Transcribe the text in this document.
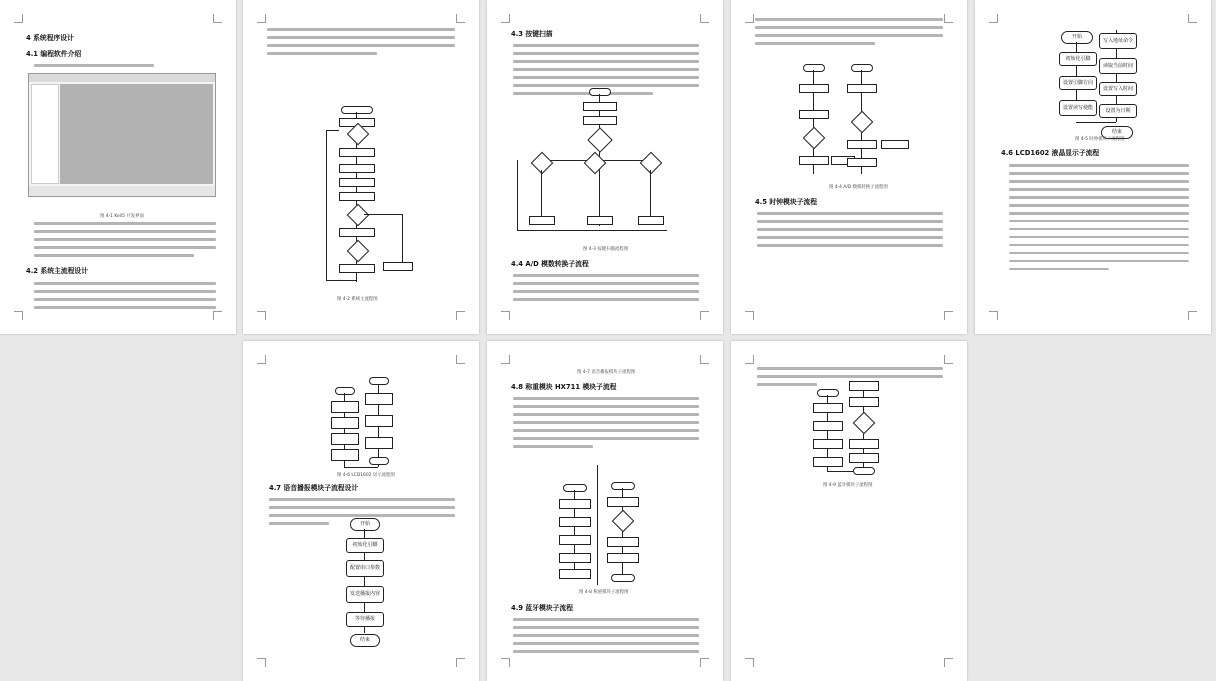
4 系统程序设计
4.1 编程软件介绍
图 4-1 Keil5 开发界面
4.2 系统主流程设计
图 4-2 系统主流程图
4.3 按键扫描
图 4-3 按键扫描流程图
4.4 A/D 模数转换子流程
图 4-4 A/D 数模转换子流程图
4.5 时钟模块子流程
开始
初始化引脚
设置引脚方向
设置读写使能
写入地址命令
读取当前时间
设置写入时间
设置为日期
结束
图 4-5 时钟模块子流程图
4.6 LCD1602 液晶显示子流程
图 4-6 LCD1602 显示流程图
4.7 语音播报模块子流程设计
开始
初始化引脚
配置串口参数
发送播报内容
等待播报
结束
图 4-7 语音播报模块子流程图
4.8 称重模块 HX711 模块子流程
图 4-8 称重模块子流程图
4.9 蓝牙模块子流程
图 4-9 蓝牙模块子流程图
